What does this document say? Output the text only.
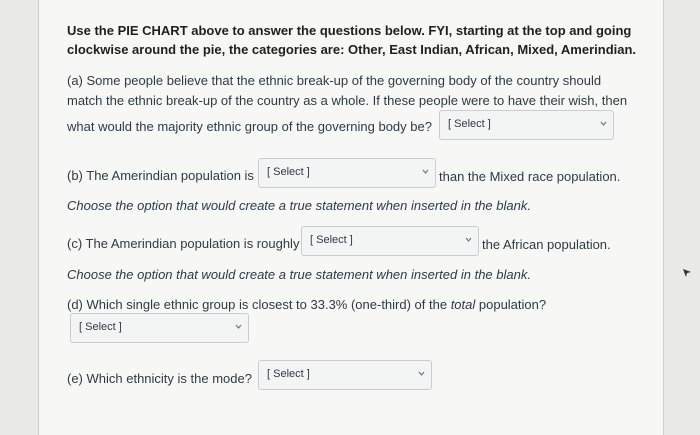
Use the PIE CHART above to answer the questions below. FYI, starting at the top and going
clockwise around the pie, the categories are: Other, East Indian, African, Mixed, Amerindian.
(a) Some people believe that the ethnic break-up of the governing body of the country should
match the ethnic break-up of the country as a whole. If these people were to have their wish, then
what would the majority ethnic group of the governing body be?	[ Select ]
(b) The Amerindian population is	[ Select ]	than the Mixed race population.
Choose the option that would create a true statement when inserted in the blank.
(c) The Amerindian population is roughly [ Select ]	the African population.
Choose the option that would create a true statement when inserted in the blank.
(d) Which single ethnic group is closest to 33.3% (one-third) of the total population?
[ Select ]
(e) Which ethnicity is the mode?	[ Select ]
